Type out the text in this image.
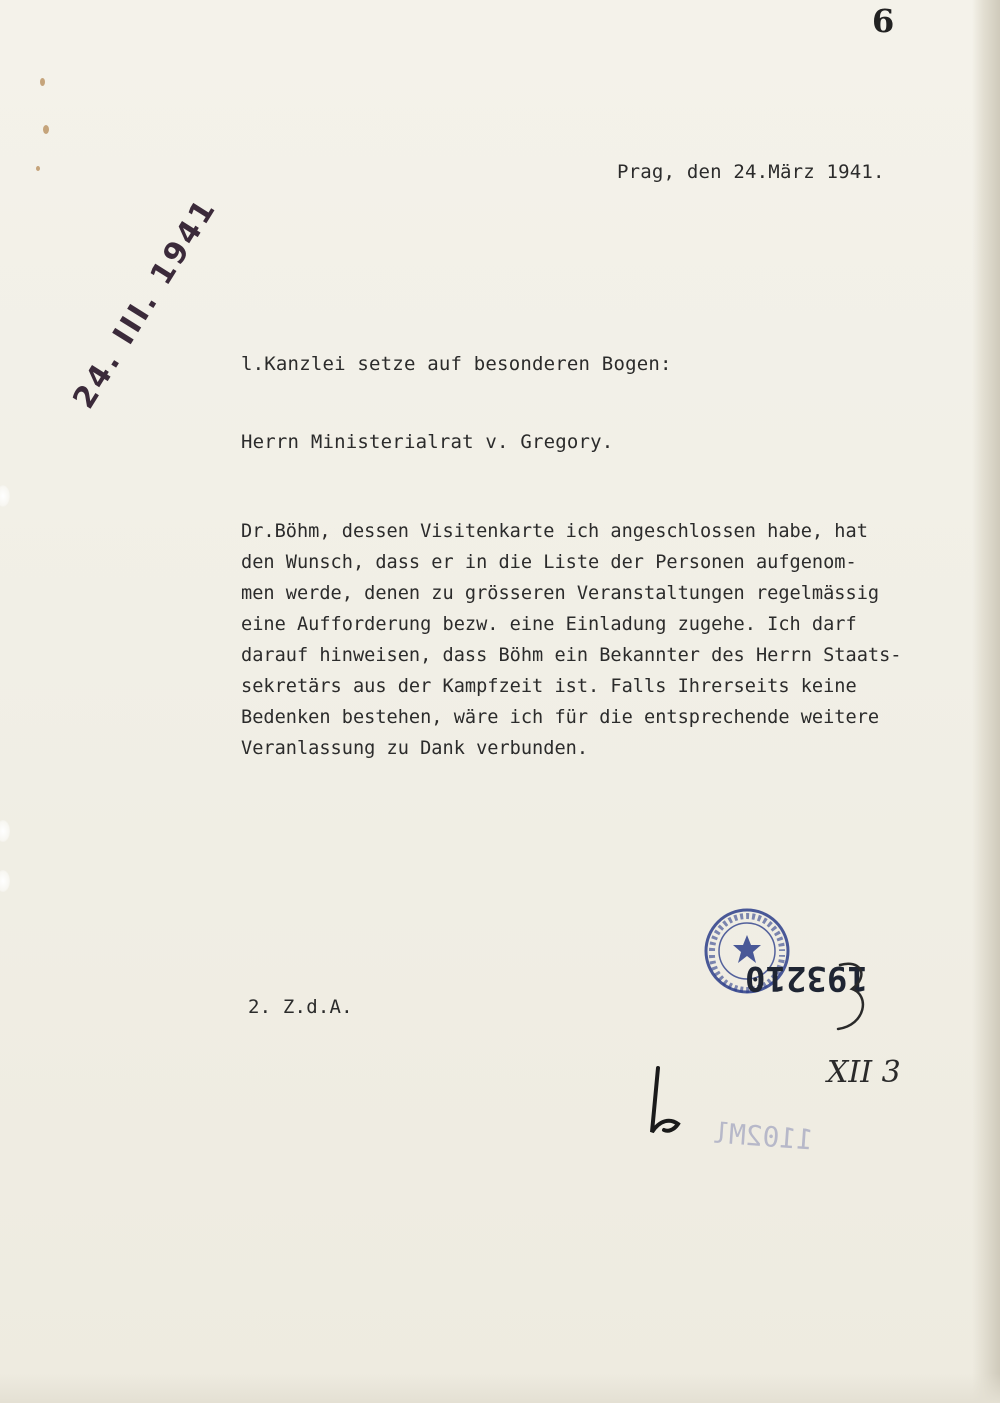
6
Prag, den 24.März 1941.
24. III. 1941 l.Kanzlei setze auf besonderen Bogen:
Herrn Ministerialrat v. Gregory.
Dr.Böhm, dessen Visitenkarte ich angeschlossen habe, hat
den Wunsch, dass er in die Liste der Personen aufgenom-
men werde, denen zu grösseren Veranstaltungen regelmässig
eine Aufforderung bezw. eine Einladung zugehe. Ich darf
darauf hinweisen, dass Böhm ein Bekannter des Herrn Staats-
sekretärs aus der Kampfzeit ist. Falls Ihrerseits keine
Bedenken bestehen, wäre ich für die entsprechende weitere
Veranlassung zu Dank verbunden.
2. Z.d.A.
193210
1102Ml
XII 3
